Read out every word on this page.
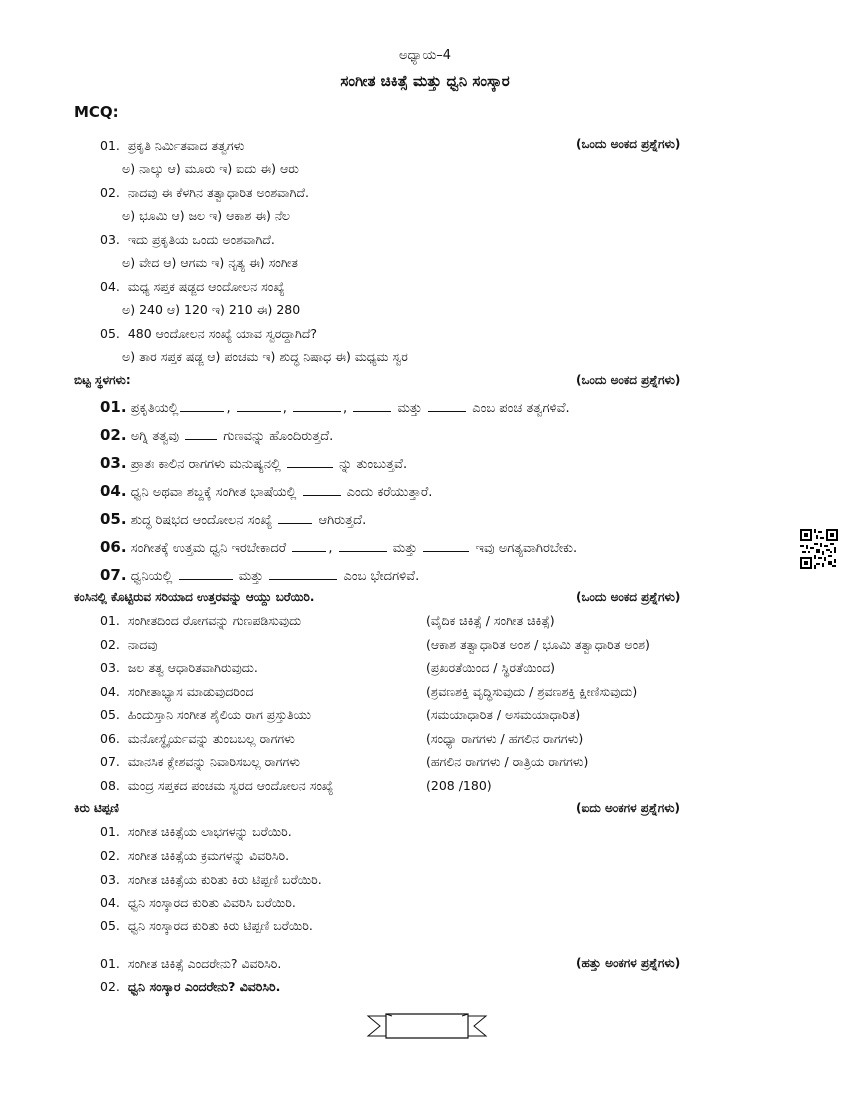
ಅಧ್ಯಾಯ–4
ಸಂಗೀತ ಚಿಕಿತ್ಸೆ ಮತ್ತು ಧ್ವನಿ ಸಂಸ್ಕಾರ
MCQ:
(ಒಂದು ಅಂಕದ ಪ್ರಶ್ನೆಗಳು)
01. ಪ್ರಕೃತಿ ನಿರ್ಮಿತವಾದ ತತ್ವಗಳು
ಅ) ನಾಲ್ಕು ಆ) ಮೂರು ಇ) ಐದು ಈ) ಆರು
02. ನಾದವು ಈ ಕೆಳಗಿನ ತತ್ವಾಧಾರಿತ ಅಂಶವಾಗಿದೆ.
ಅ) ಭೂಮಿ ಆ) ಜಲ ಇ) ಆಕಾಶ ಈ) ನೆಲ
03. ಇದು ಪ್ರಕೃತಿಯ ಒಂದು ಅಂಶವಾಗಿದೆ.
ಅ) ವೇದ ಆ) ಆಗಮ ಇ) ನೃತ್ಯ ಈ) ಸಂಗೀತ
04. ಮಧ್ಯ ಸಪ್ತಕ ಷಡ್ಜದ ಆಂದೋಲನ ಸಂಖ್ಯೆ
ಅ) 240 ಆ) 120 ಇ) 210 ಈ) 280
05. 480 ಆಂದೋಲನ ಸಂಖ್ಯೆ ಯಾವ ಸ್ವರದ್ದಾಗಿದೆ?
ಅ) ತಾರ ಸಪ್ತಕ ಷಡ್ಜ ಆ) ಪಂಚಮ ಇ) ಶುದ್ಧ ನಿಷಾಧ ಈ) ಮಧ್ಯಮ ಸ್ವರ
ಬಿಟ್ಟ ಸ್ಥಳಗಳು:	(ಒಂದು ಅಂಕದ ಪ್ರಶ್ನೆಗಳು)
01. ಪ್ರಕೃತಿಯಲ್ಲಿ	,	,	,	ಮತ್ತು	ಎಂಬ ಪಂಚ ತತ್ವಗಳಿವೆ.
02. ಅಗ್ನಿ ತತ್ವವು	ಗುಣವನ್ನು ಹೊಂದಿರುತ್ತದೆ.
03. ಪ್ರಾತಃ ಕಾಲಿನ ರಾಗಗಳು ಮನುಷ್ಯನಲ್ಲಿ	ನ್ನು ತುಂಬುತ್ತವೆ.
04. ಧ್ವನಿ ಅಥವಾ ಶಬ್ದಕ್ಕೆ ಸಂಗೀತ ಭಾಷೆಯಲ್ಲಿ	ಎಂದು ಕರೆಯುತ್ತಾರೆ.
05. ಶುದ್ಧ ರಿಷಭದ ಆಂದೋಲನ ಸಂಖ್ಯೆ	ಆಗಿರುತ್ತದೆ.
06. ಸಂಗೀತಕ್ಕೆ ಉತ್ತಮ ಧ್ವನಿ ಇರಬೇಕಾದರೆ	,	ಮತ್ತು	ಇವು ಅಗತ್ಯವಾಗಿರಬೇಕು.
07. ಧ್ವನಿಯಲ್ಲಿ	ಮತ್ತು	ಎಂಬ ಭೇದಗಳಿವೆ.
ಕಂಸಿನಲ್ಲಿ ಕೊಟ್ಟಿರುವ ಸರಿಯಾದ ಉತ್ತರವನ್ನು ಆಯ್ದು ಬರೆಯಿರಿ.	(ಒಂದು ಅಂಕದ ಪ್ರಶ್ನೆಗಳು)
01. ಸಂಗೀತದಿಂದ ರೋಗವನ್ನು ಗುಣಪಡಿಸುವುದು	(ವೈದಿಕ ಚಿಕಿತ್ಸೆ / ಸಂಗೀತ ಚಿಕಿತ್ಸೆ)
02. ನಾದವು	(ಆಕಾಶ ತತ್ವಾಧಾರಿತ ಅಂಶ / ಭೂಮಿ ತತ್ವಾಧಾರಿತ ಅಂಶ)
03. ಜಲ ತತ್ವ ಆಧಾರಿತವಾಗಿರುವುದು.	(ಪ್ರಖರತೆಯಿಂದ / ಸ್ಥಿರತೆಯಿಂದ)
04. ಸಂಗೀತಾಭ್ಯಾಸ ಮಾಡುವುದರಿಂದ	(ಶ್ರವಣಶಕ್ತಿ ವೃದ್ಧಿಸುವುದು / ಶ್ರವಣಶಕ್ತಿ ಕ್ಷೀಣಿಸುವುದು)
05. ಹಿಂದುಸ್ತಾನಿ ಸಂಗೀತ ಶೈಲಿಯ ರಾಗ ಪ್ರಸ್ತುತಿಯು	(ಸಮಯಾಧಾರಿತ / ಅಸಮಯಾಧಾರಿತ)
06. ಮನೋಸ್ಥೈರ್ಯವನ್ನು ತುಂಬಬಲ್ಲ ರಾಗಗಳು	(ಸಂಧ್ಯಾ ರಾಗಗಳು / ಹಗಲಿನ ರಾಗಗಳು)
07. ಮಾನಸಿಕ ಕ್ಲೇಶವನ್ನು ನಿವಾರಿಸಬಲ್ಲ ರಾಗಗಳು	(ಹಗಲಿನ ರಾಗಗಳು / ರಾತ್ರಿಯ ರಾಗಗಳು)
08. ಮಂದ್ರ ಸಪ್ತಕದ ಪಂಚಮ ಸ್ವರದ ಆಂದೋಲನ ಸಂಖ್ಯೆ	(208 /180)
ಕಿರು ಟಿಪ್ಪಣಿ	(ಐದು ಅಂಕಗಳ ಪ್ರಶ್ನೆಗಳು)
01. ಸಂಗೀತ ಚಿಕಿತ್ಸೆಯ ಲಾಭಗಳನ್ನು ಬರೆಯಿರಿ.
02. ಸಂಗೀತ ಚಿಕಿತ್ಸೆಯ ಕ್ರಮಗಳನ್ನು ವಿವರಿಸಿರಿ.
03. ಸಂಗೀತ ಚಿಕಿತ್ಸೆಯ ಕುರಿತು ಕಿರು ಟಿಪ್ಪಣಿ ಬರೆಯಿರಿ.
04. ಧ್ವನಿ ಸಂಸ್ಕಾರದ ಕುರಿತು ವಿವರಿಸಿ ಬರೆಯಿರಿ.
05. ಧ್ವನಿ ಸಂಸ್ಕಾರದ ಕುರಿತು ಕಿರು ಟಿಪ್ಪಣಿ ಬರೆಯಿರಿ.
01. ಸಂಗೀತ ಚಿಕಿತ್ಸೆ ಎಂದರೇನು? ವಿವರಿಸಿರಿ.	(ಹತ್ತು ಅಂಕಗಳ ಪ್ರಶ್ನೆಗಳು)
02. ಧ್ವನಿ ಸಂಸ್ಕಾರ ಎಂದರೇನು? ವಿವರಿಸಿರಿ.
